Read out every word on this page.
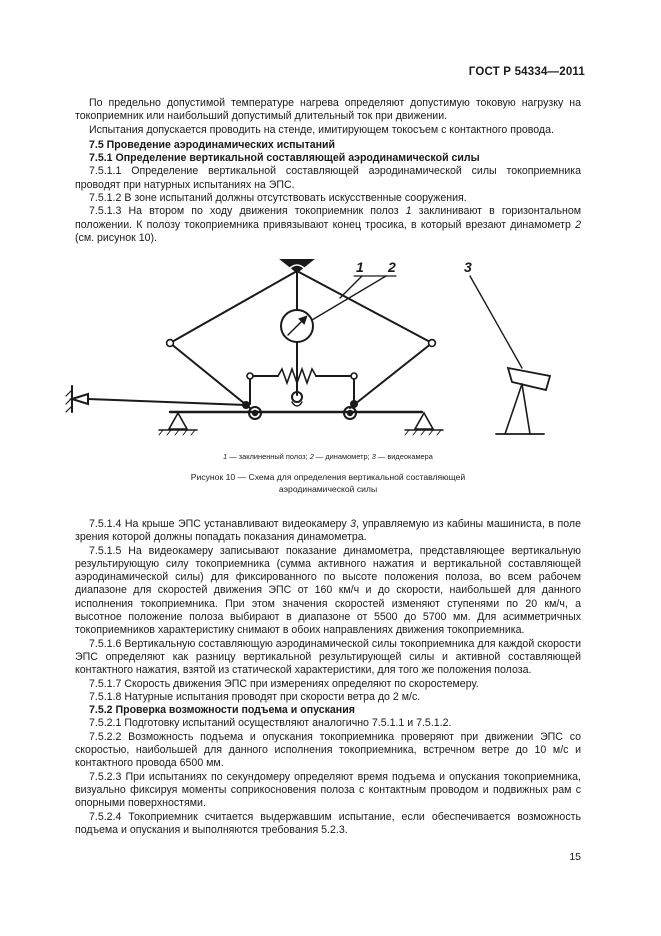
ГОСТ Р 54334—2011

По предельно допустимой температуре нагрева определяют допустимую токовую нагрузку на токоприемник или наибольший допустимый длительный ток при движении.

Испытания допускается проводить на стенде, имитирующем токосъем с контактного провода.

7.5 Проведение аэродинамических испытаний

7.5.1 Определение вертикальной составляющей аэродинамической силы

7.5.1.1 Определение вертикальной составляющей аэродинамической силы токоприемника проводят при натурных испытаниях на ЭПС.

7.5.1.2 В зоне испытаний должны отсутствовать искусственные сооружения.

7.5.1.3 На втором по ходу движения токоприемник полоз 1 заклинивают в горизонтальном положении. К полозу токоприемника привязывают конец тросика, в который врезают динамометр 2 (см. рисунок 10).

1 2	3
1 — заклиненный полоз; 2 — динамометр; 3 — видеокамера
Рисунок 10 — Схема для определения вертикальной составляющей
аэродинамической силы

7.5.1.4 На крыше ЭПС устанавливают видеокамеру 3, управляемую из кабины машиниста, в поле зрения которой должны попадать показания динамометра.

7.5.1.5 На видеокамеру записывают показание динамометра, представляющее вертикальную результирующую силу токоприемника (сумма активного нажатия и вертикальной составляющей аэродинамической силы) для фиксированного по высоте положения полоза, во всем рабочем диапазоне для скоростей движения ЭПС от 160 км/ч и до скорости, наибольшей для данного исполнения токоприемника. При этом значения скоростей изменяют ступенями по 20 км/ч, а высотное положение полоза выбирают в диапазоне от 5500 до 5700 мм. Для асимметричных токоприемников характеристику снимают в обоих направлениях движения токоприемника.

7.5.1.6 Вертикальную составляющую аэродинамической силы токоприемника для каждой скорости ЭПС определяют как разницу вертикальной результирующей силы и активной составляющей контактного нажатия, взятой из статической характеристики, для того же положения полоза.

7.5.1.7 Скорость движения ЭПС при измерениях определяют по скоростемеру.

7.5.1.8 Натурные испытания проводят при скорости ветра до 2 м/с.

7.5.2 Проверка возможности подъема и опускания

7.5.2.1 Подготовку испытаний осуществляют аналогично 7.5.1.1 и 7.5.1.2.

7.5.2.2 Возможность подъема и опускания токоприемника проверяют при движении ЭПС со скоростью, наибольшей для данного исполнения токоприемника, встречном ветре до 10 м/с и контактного провода 6500 мм.

7.5.2.3 При испытаниях по секундомеру определяют время подъема и опускания токоприемника, визуально фиксируя моменты соприкосновения полоза с контактным проводом и подвижных рам с опорными поверхностями.

7.5.2.4 Токоприемник считается выдержавшим испытание, если обеспечивается возможность подъема и опускания и выполняются требования 5.2.3.

15
